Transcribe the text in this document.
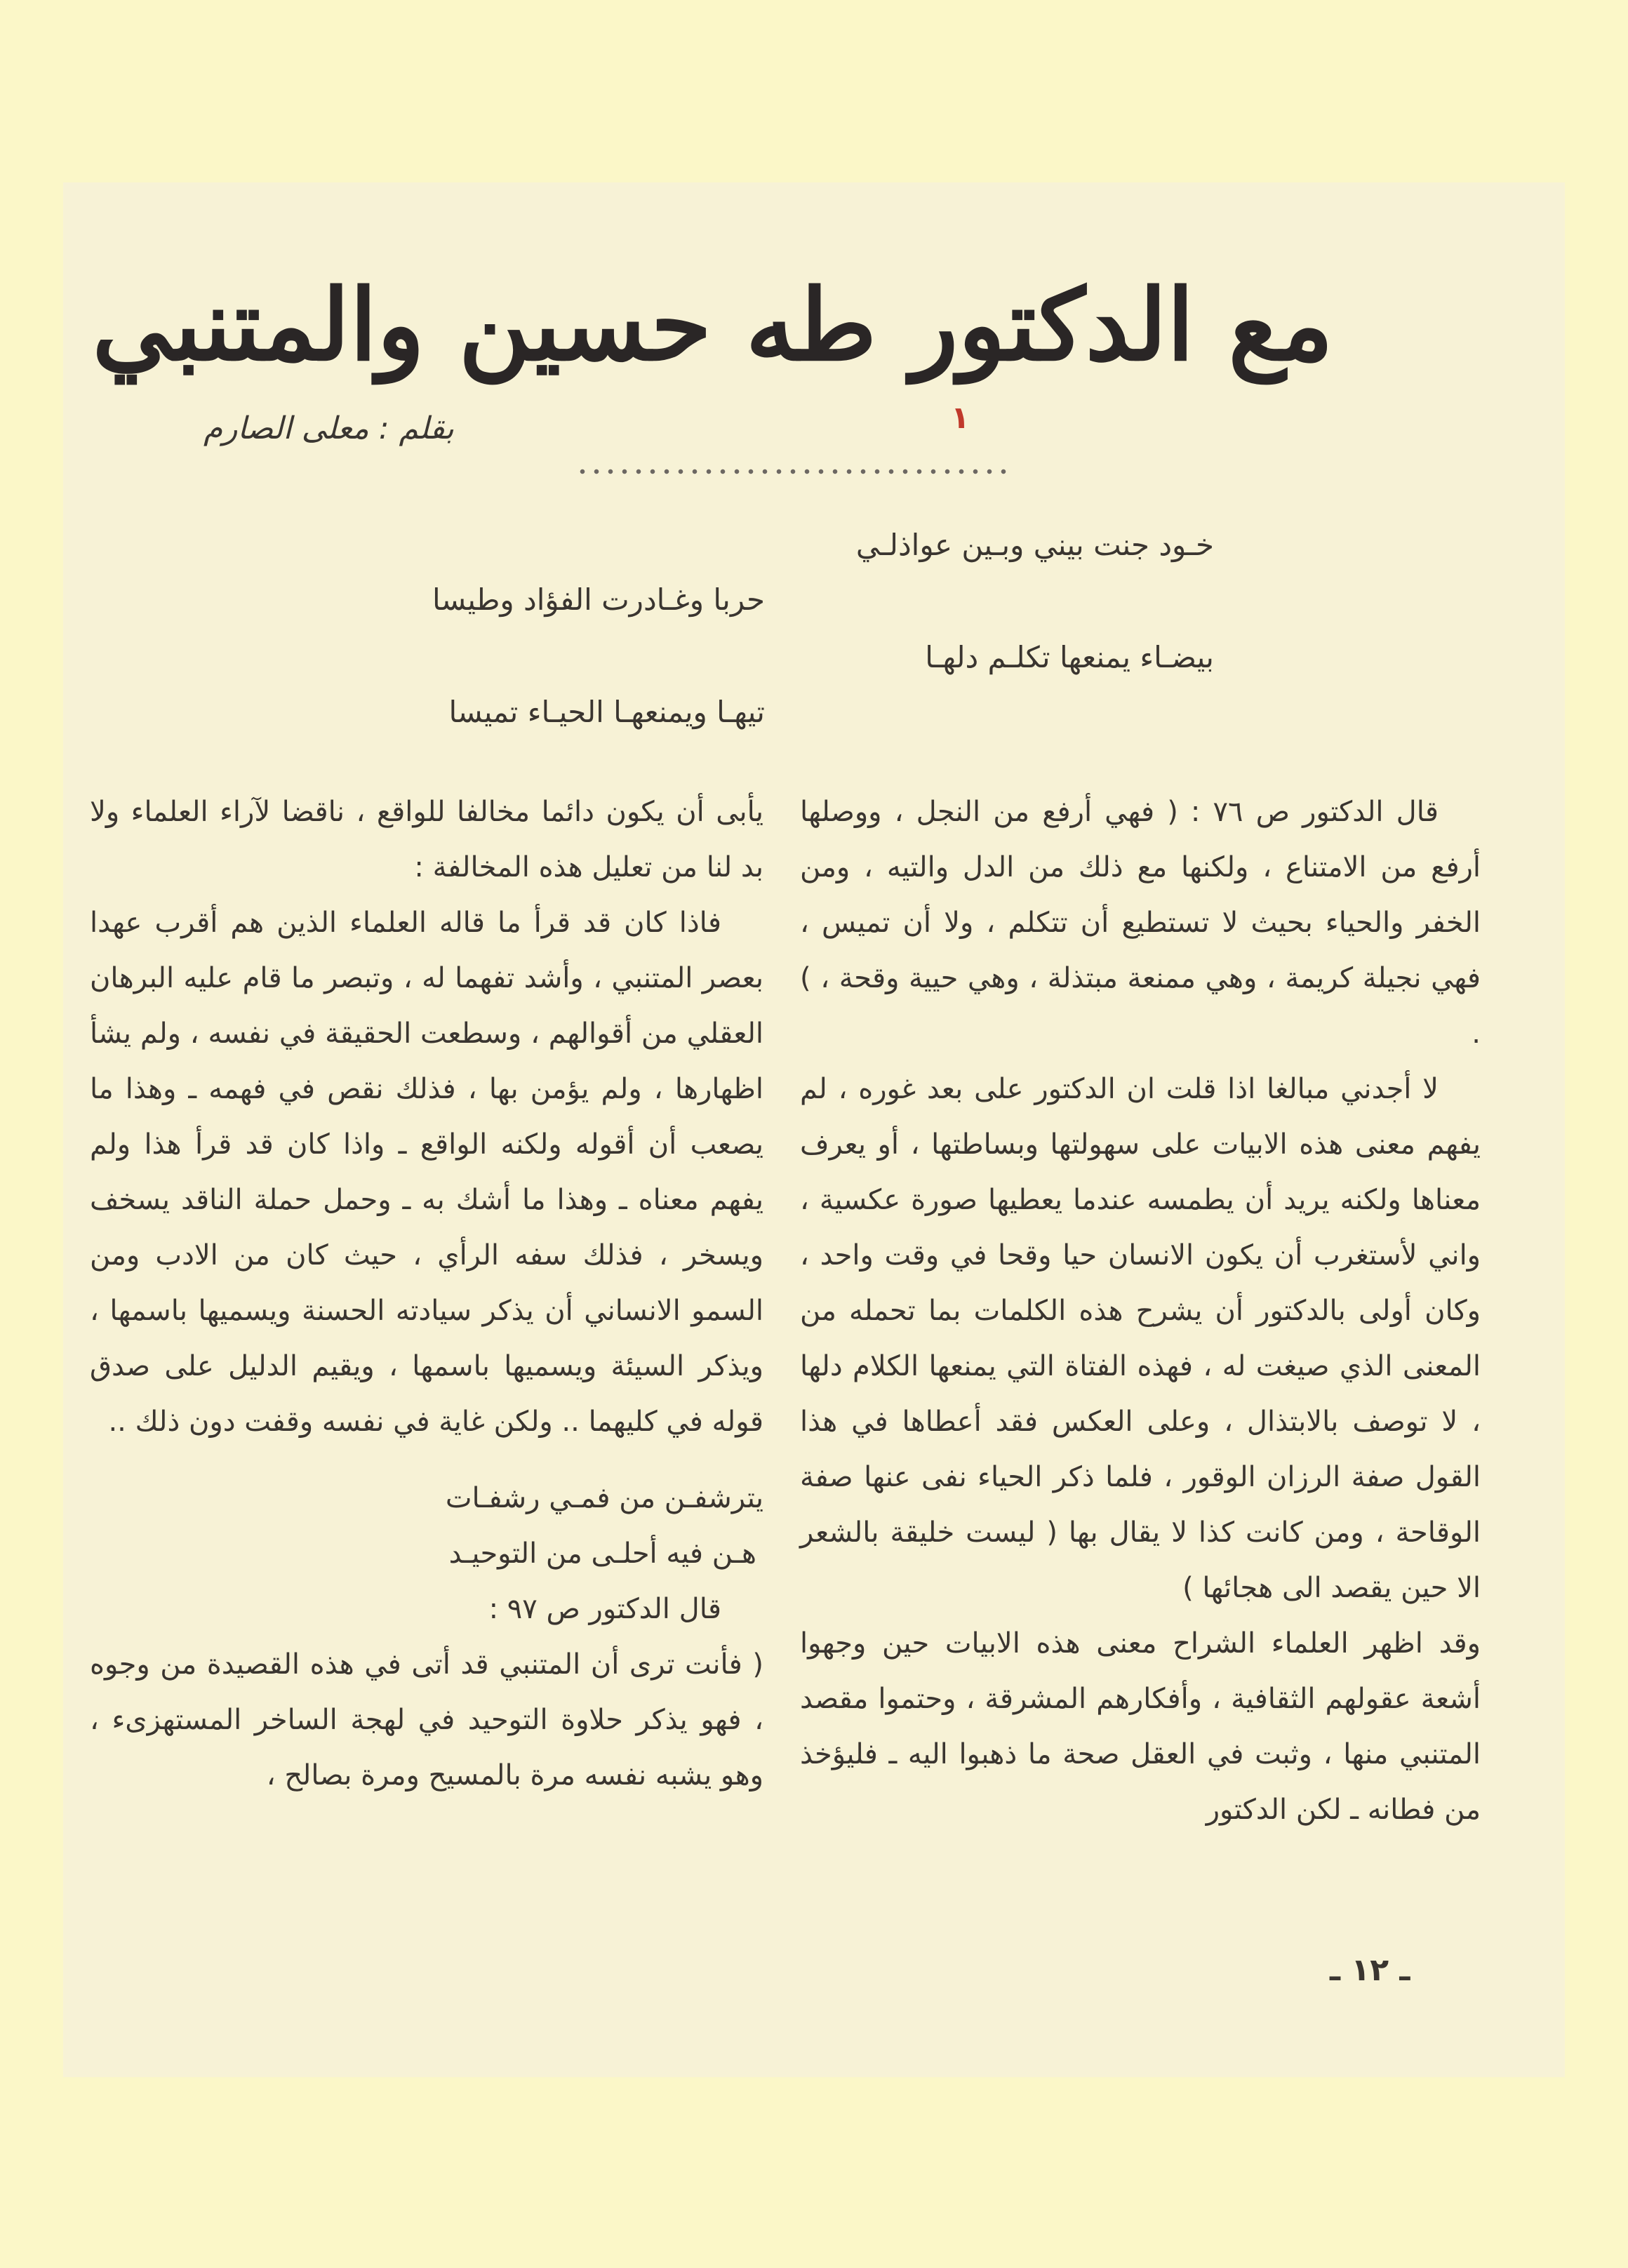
مع الدكتور طه حسين والمتنبي
١
بقلم : معلى الصارم
خـود جنت بيني وبـين عواذلـي
حربا وغـادرت الفؤاد وطيسا
بيضـاء يمنعها تكلـم دلهـا
تيهـا ويمنعهـا الحيـاء تميسا

قال الدكتور ص ٧٦ : ( فهي أرفع من النجل ، ووصلها أرفع من الامتناع ، ولكنها مع ذلك من الدل والتيه ، ومن الخفر والحياء بحيث لا تستطيع أن تتكلم ، ولا أن تميس ، فهي نجيلة كريمة ، وهي ممنعة مبتذلة ، وهي حيية وقحة ، ) .

لا أجدني مبالغا اذا قلت ان الدكتور على بعد غوره ، لم يفهم معنى هذه الابيات على سهولتها وبساطتها ، أو يعرف معناها ولكنه يريد أن يطمسه عندما يعطيها صورة عكسية ، واني لأستغرب أن يكون الانسان حيا وقحا في وقت واحد ، وكان أولى بالدكتور أن يشرح هذه الكلمات بما تحمله من المعنى الذي صيغت له ، فهذه الفتاة التي يمنعها الكلام دلها ، لا توصف بالابتذال ، وعلى العكس فقد أعطاها في هذا القول صفة الرزان الوقور ، فلما ذكر الحياء نفى عنها صفة الوقاحة ، ومن كانت كذا لا يقال بها ( ليست خليقة بالشعر الا حين يقصد الى هجائها )

وقد اظهر العلماء الشراح معنى هذه الابيات حين وجهوا أشعة عقولهم الثقافية ، وأفكارهم المشرقة ، وحتموا مقصد المتنبي منها ، وثبت في العقل صحة ما ذهبوا اليه ـ فليؤخذ من فطانه ـ لكن الدكتور

يأبى أن يكون دائما مخالفا للواقع ، ناقضا لآراء العلماء ولا بد لنا من تعليل هذه المخالفة :

فاذا كان قد قرأ ما قاله العلماء الذين هم أقرب عهدا بعصر المتنبي ، وأشد تفهما له ، وتبصر ما قام عليه البرهان العقلي من أقوالهم ، وسطعت الحقيقة في نفسه ، ولم يشأ اظهارها ، ولم يؤمن بها ، فذلك نقص في فهمه ـ وهذا ما يصعب أن أقوله ولكنه الواقع ـ واذا كان قد قرأ هذا ولم يفهم معناه ـ وهذا ما أشك به ـ وحمل حملة الناقد يسخف ويسخر ، فذلك سفه الرأي ، حيث كان من الادب ومن السمو الانساني أن يذكر سيادته الحسنة ويسميها باسمها ، ويذكر السيئة ويسميها باسمها ، ويقيم الدليل على صدق قوله في كليهما .. ولكن غاية في نفسه وقفت دون ذلك ..

يترشفـن من فمـي رشفـات

هـن فيه أحلـى من التوحيـد

قال الدكتور ص ٩٧ :

( فأنت ترى أن المتنبي قد أتى في هذه القصيدة من وجوه ، فهو يذكر حلاوة التوحيد في لهجة الساخر المستهزىء ، وهو يشبه نفسه مرة بالمسيح ومرة بصالح ،

ـ ١٢ ـ
